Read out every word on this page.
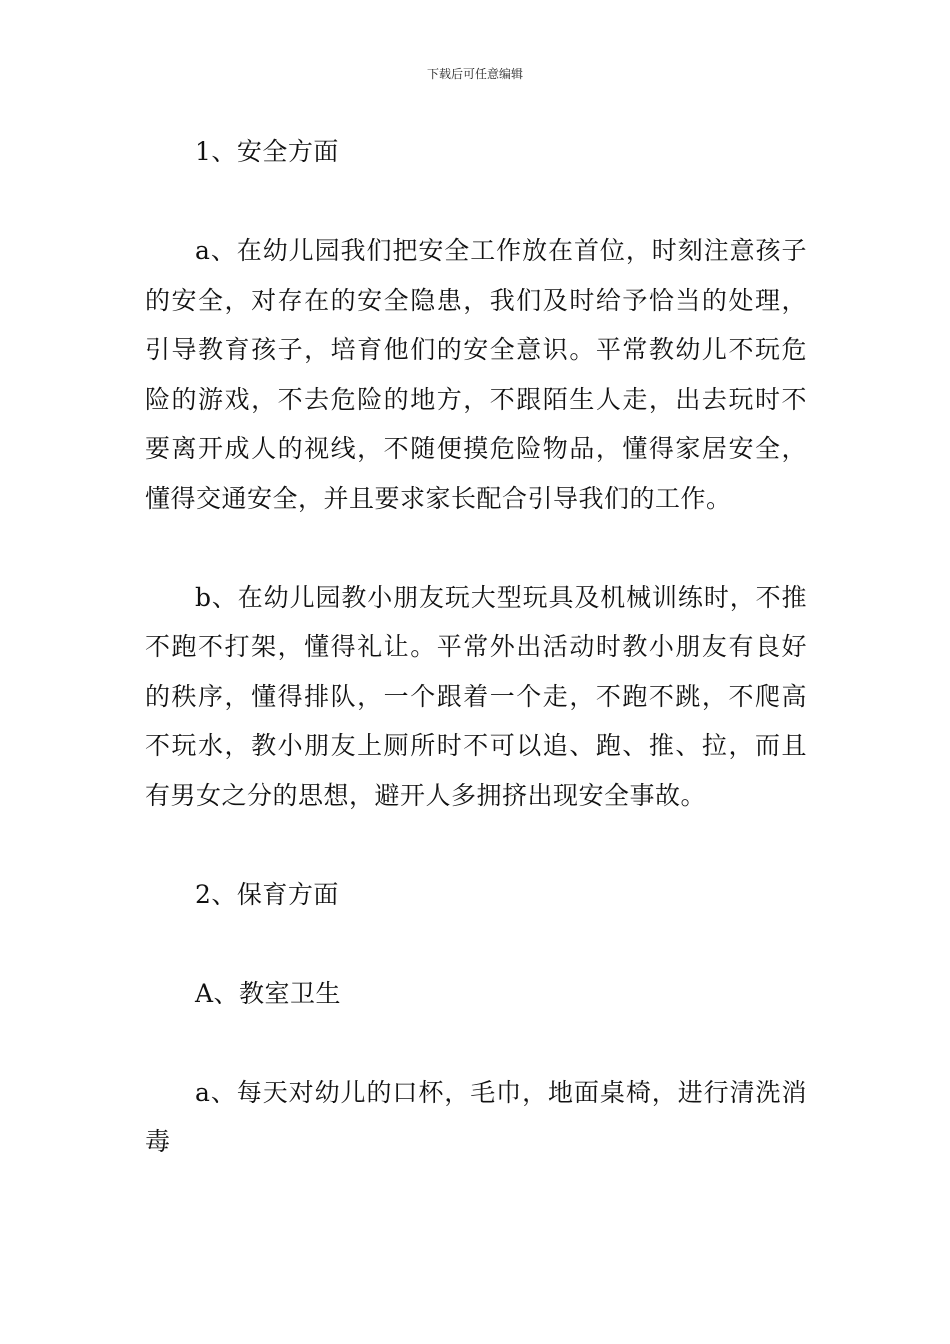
下载后可任意编辑

1、安全方面

a、在幼儿园我们把安全工作放在首位，时刻注意孩子的安全，对存在的安全隐患，我们及时给予恰当的处理，引导教育孩子，培育他们的安全意识。平常教幼儿不玩危险的游戏，不去危险的地方，不跟陌生人走，出去玩时不要离开成人的视线，不随便摸危险物品，懂得家居安全，懂得交通安全，并且要求家长配合引导我们的工作。

b、在幼儿园教小朋友玩大型玩具及机械训练时，不推不跑不打架，懂得礼让。平常外出活动时教小朋友有良好的秩序，懂得排队，一个跟着一个走，不跑不跳，不爬高不玩水，教小朋友上厕所时不可以追、跑、推、拉，而且有男女之分的思想，避开人多拥挤出现安全事故。

2、保育方面

A、教室卫生

a、每天对幼儿的口杯，毛巾，地面桌椅，进行清洗消毒
